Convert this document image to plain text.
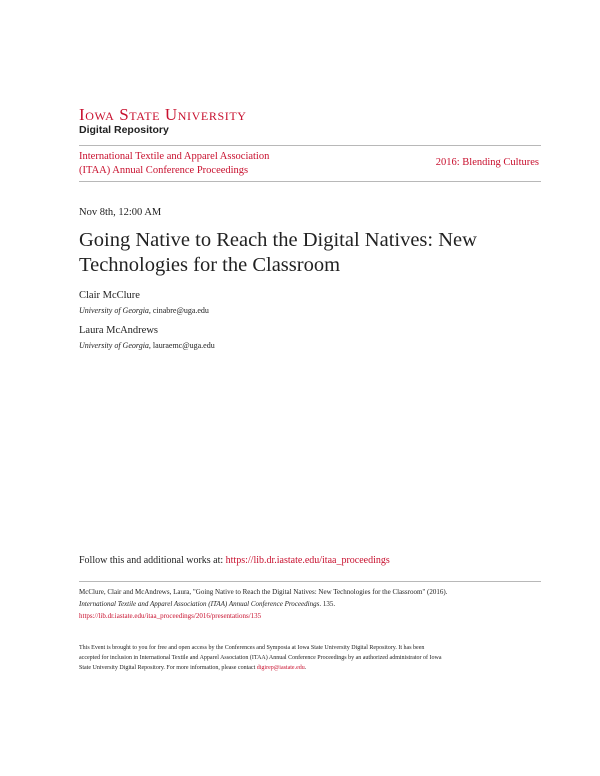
Iowa State University
Digital Repository
International Textile and Apparel Association
(ITAA) Annual Conference Proceedings
2016: Blending Cultures
Nov 8th, 12:00 AM
Going Native to Reach the Digital Natives: New
Technologies for the Classroom
Clair McClure
University of Georgia, cinabre@uga.edu
Laura McAndrews
University of Georgia, lauraemc@uga.edu
Follow this and additional works at: https://lib.dr.iastate.edu/itaa_proceedings
McClure, Clair and McAndrews, Laura, "Going Native to Reach the Digital Natives: New Technologies for the Classroom" (2016).
International Textile and Apparel Association (ITAA) Annual Conference Proceedings. 135.
https://lib.dr.iastate.edu/itaa_proceedings/2016/presentations/135
This Event is brought to you for free and open access by the Conferences and Symposia at Iowa State University Digital Repository. It has been
accepted for inclusion in International Textile and Apparel Association (ITAA) Annual Conference Proceedings by an authorized administrator of Iowa
State University Digital Repository. For more information, please contact digirep@iastate.edu.
